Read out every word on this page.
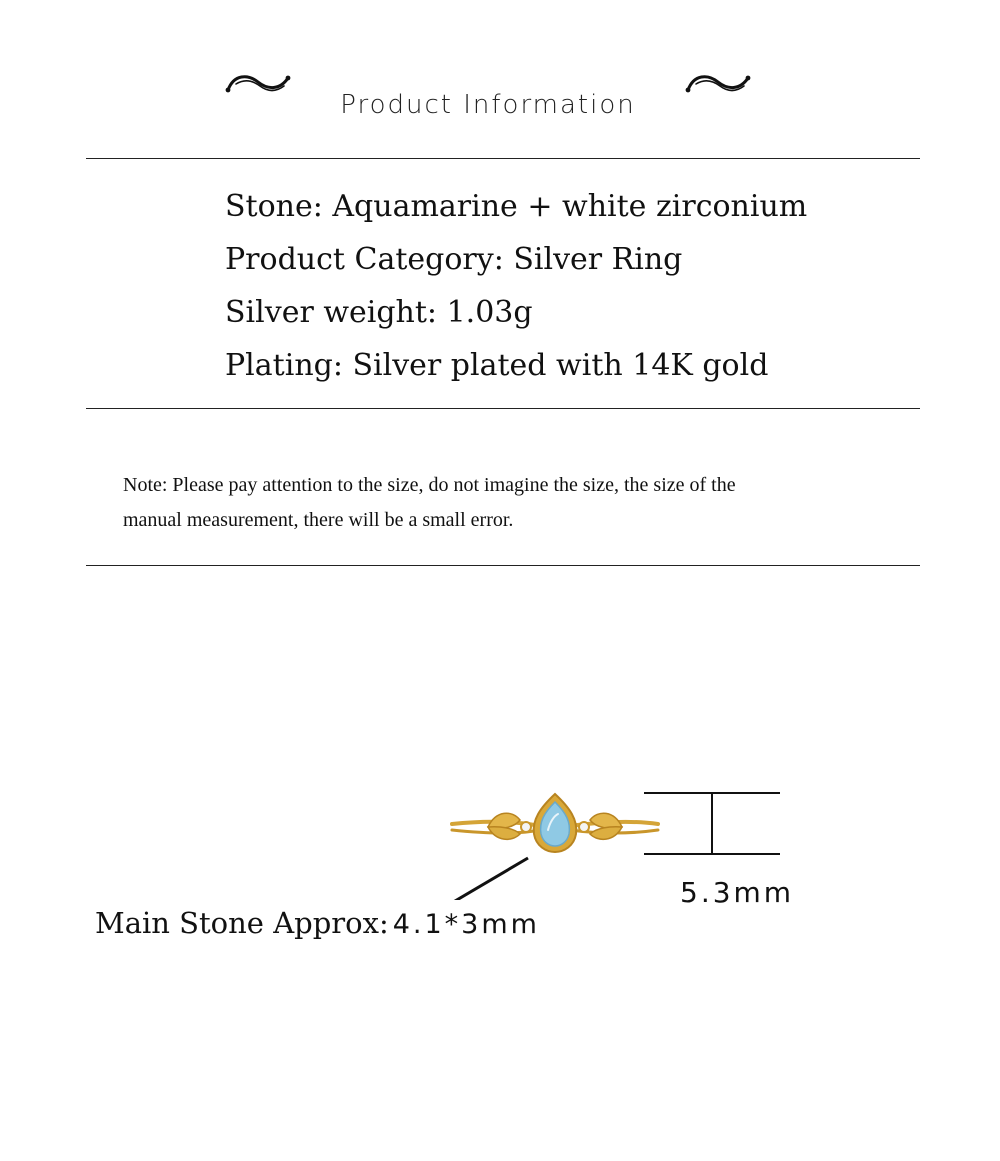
Product Information
Stone: Aquamarine + white zirconium
Product Category: Silver Ring
Silver weight: 1.03g
Plating: Silver plated with 14K gold
Note: Please pay attention to the size, do not imagine the size, the size of the
manual measurement, there will be a small error.
5.3mm
Main Stone Approx: 4.1*3mm
